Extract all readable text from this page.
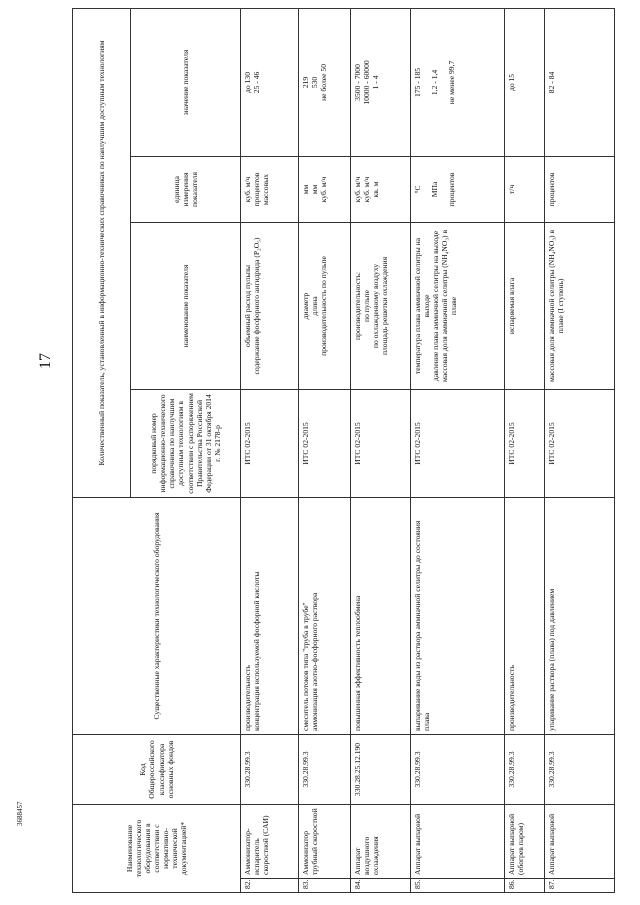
17
3688457
Наименование технологического оборудования в соответствии с нормативно-технической документацией*		Код Общероссийского классификатора основных фондов	Существенные характеристики технологического оборудования	Количественный показатель, установленный в информационно-технических справочниках по наилучшим доступным технологиям			
				порядковый номер информационно-технического справочника по наилучшим доступным технологиям в соответствии с распоряжением Правительства Российской Федерации от 31 октября 2014 г. № 2178-р	наименование показателя	единица измерения показателя	значение показателя
82.	Аммонизатор-испаритель скоростной (САИ)	330.28.99.3	производительность концентрация используемой фосфорной кислоты	ИТС 02-2015	объемный расход пульпы содержание фосфорного ангидрида (P₂O₅)	куб. м/ч процентов массовых	до 130 25 - 46

83.	Аммонизатор трубный скоростной	330.28.99.3	смеситель потоков типа "труба в трубе" аммонизация азотно-фосфорного раствора	ИТС 02-2015	диаметр длина производительность по пульпе	мм мм куб. м/ч	219 530 не более 50

84.	Аппарат воздушного охлаждения	330.28.25.12.190	повышенная эффективность теплообмена	ИТС 02-2015	производительность: по пульпе по охлажденному воздуху площадь решетки охлаждения	куб. м/ч куб. м/ч кв. м	3500 - 7000 10000 - 60000 1 - 4

85.	Аппарат выпарной	330.28.99.3	выпаривание воды из раствора аммиачной селитры до состояния плава	ИТС 02-2015	температура плава аммиачной селитры на выходе давление плава аммиачной селитры на выходе массовая доля аммиачной селитры (NH₄NO₃) в плаве	°С МПа процентов	175 - 185 1,2 - 1,4 не менее 99,7

86.	Аппарат выпарной (обогрев паром)	330.28.99.3	производительность	ИТС 02-2015	испаряемая влага	т/ч	до 15

87.	Аппарат выпарной	330.28.99.3	упаривание раствора (плава) под давлением	ИТС 02-2015	массовая доля аммиачной селитры (NH₄NO₃) в плаве (I ступень)	процентов	82 - 84
